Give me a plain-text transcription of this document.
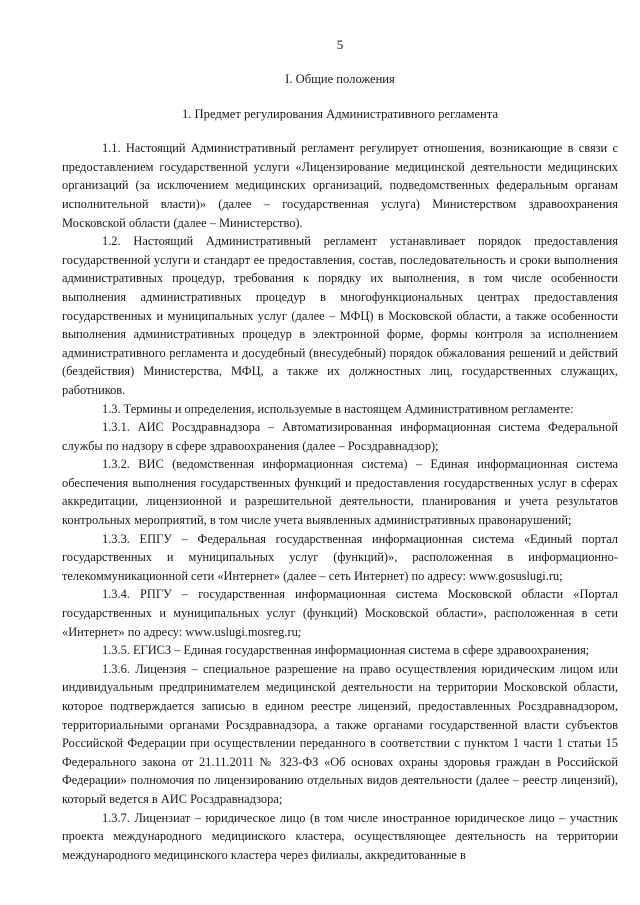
5
I. Общие положения
1. Предмет регулирования Административного регламента

1.1. Настоящий Административный регламент регулирует отношения, возникающие в связи с предоставлением государственной услуги «Лицензирование медицинской деятельности медицинских организаций (за исключением медицинских организаций, подведомственных федеральным органам исполнительной власти)» (далее – государственная услуга) Министерством здравоохранения Московской области (далее – Министерство).

1.2. Настоящий Административный регламент устанавливает порядок предоставления государственной услуги и стандарт ее предоставления, состав, последовательность и сроки выполнения административных процедур, требования к порядку их выполнения, в том числе особенности выполнения административных процедур в многофункциональных центрах предоставления государственных и муниципальных услуг (далее – МФЦ) в Московской области, а также особенности выполнения административных процедур в электронной форме, формы контроля за исполнением административного регламента и досудебный (внесудебный) порядок обжалования решений и действий (бездействия) Министерства, МФЦ, а также их должностных лиц, государственных служащих, работников.

1.3. Термины и определения, используемые в настоящем Административном регламенте:

1.3.1. АИС Росздравнадзора – Автоматизированная информационная система Федеральной службы по надзору в сфере здравоохранения (далее – Росздравнадзор);

1.3.2. ВИС (ведомственная информационная система) – Единая информационная система обеспечения выполнения государственных функций и предоставления государственных услуг в сферах аккредитации, лицензионной и разрешительной деятельности, планирования и учета результатов контрольных мероприятий, в том числе учета выявленных административных правонарушений;

1.3.3. ЕПГУ – Федеральная государственная информационная система «Единый портал государственных и муниципальных услуг (функций)», расположенная в информационно-телекоммуникационной сети «Интернет» (далее – сеть Интернет) по адресу: www.gosuslugi.ru;

1.3.4. РПГУ – государственная информационная система Московской области «Портал государственных и муниципальных услуг (функций) Московской области», расположенная в сети «Интернет» по адресу: www.uslugi.mosreg.ru;

1.3.5. ЕГИСЗ – Единая государственная информационная система в сфере здравоохранения;

1.3.6. Лицензия – специальное разрешение на право осуществления юридическим лицом или индивидуальным предпринимателем медицинской деятельности на территории Московской области, которое подтверждается записью в едином реестре лицензий, предоставленных Росздравнадзором, территориальными органами Росздравнадзора, а также органами государственной власти субъектов Российской Федерации при осуществлении переданного в соответствии с пунктом 1 части 1 статьи 15 Федерального закона от 21.11.2011 № 323-ФЗ «Об основах охраны здоровья граждан в Российской Федерации» полномочия по лицензированию отдельных видов деятельности (далее – реестр лицензий), который ведется в АИС Росздравнадзора;

1.3.7. Лицензиат – юридическое лицо (в том числе иностранное юридическое лицо – участник проекта международного медицинского кластера, осуществляющее деятельность на территории международного медицинского кластера через филиалы, аккредитованные в
